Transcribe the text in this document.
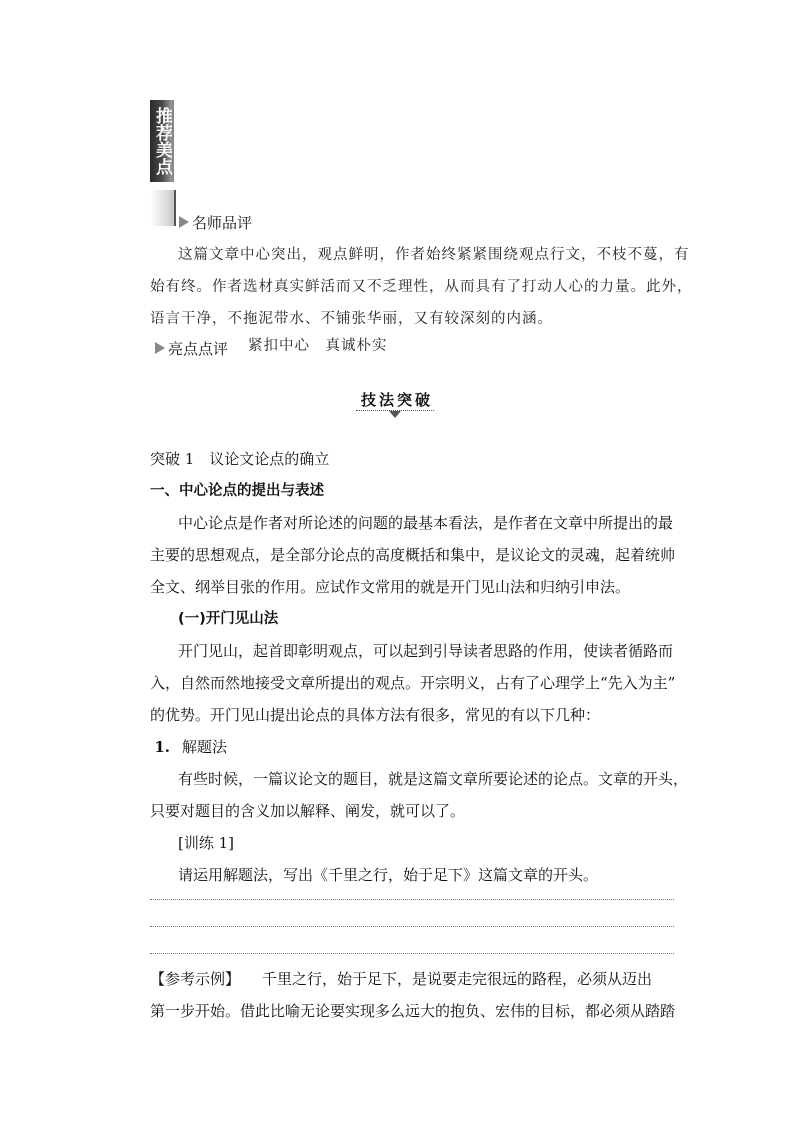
推荐美点
名师品评
这篇文章中心突出，观点鲜明，作者始终紧紧围绕观点行文，不枝不蔓，有
始有终。作者选材真实鲜活而又不乏理性，从而具有了打动人心的力量。此外，
语言干净，不拖泥带水、不铺张华丽，又有较深刻的内涵。
亮点点评 紧扣中心　真诚朴实
技法突破
突破 1　议论文论点的确立
一、中心论点的提出与表述
中心论点是作者对所论述的问题的最基本看法，是作者在文章中所提出的最
主要的思想观点，是全部分论点的高度概括和集中，是议论文的灵魂，起着统帅
全文、纲举目张的作用。应试作文常用的就是开门见山法和归纳引申法。
(一)开门见山法
开门见山，起首即彰明观点，可以起到引导读者思路的作用，使读者循路而
入，自然而然地接受文章所提出的观点。开宗明义，占有了心理学上“先入为主”
的优势。开门见山提出论点的具体方法有很多，常见的有以下几种：
1. 解题法
有些时候，一篇议论文的题目，就是这篇文章所要论述的论点。文章的开头，
只要对题目的含义加以解释、阐发，就可以了。
[训练 1]
请运用解题法，写出《千里之行，始于足下》这篇文章的开头。
【参考示例】 千里之行，始于足下，是说要走完很远的路程，必须从迈出
第一步开始。借此比喻无论要实现多么远大的抱负、宏伟的目标，都必须从踏踏
